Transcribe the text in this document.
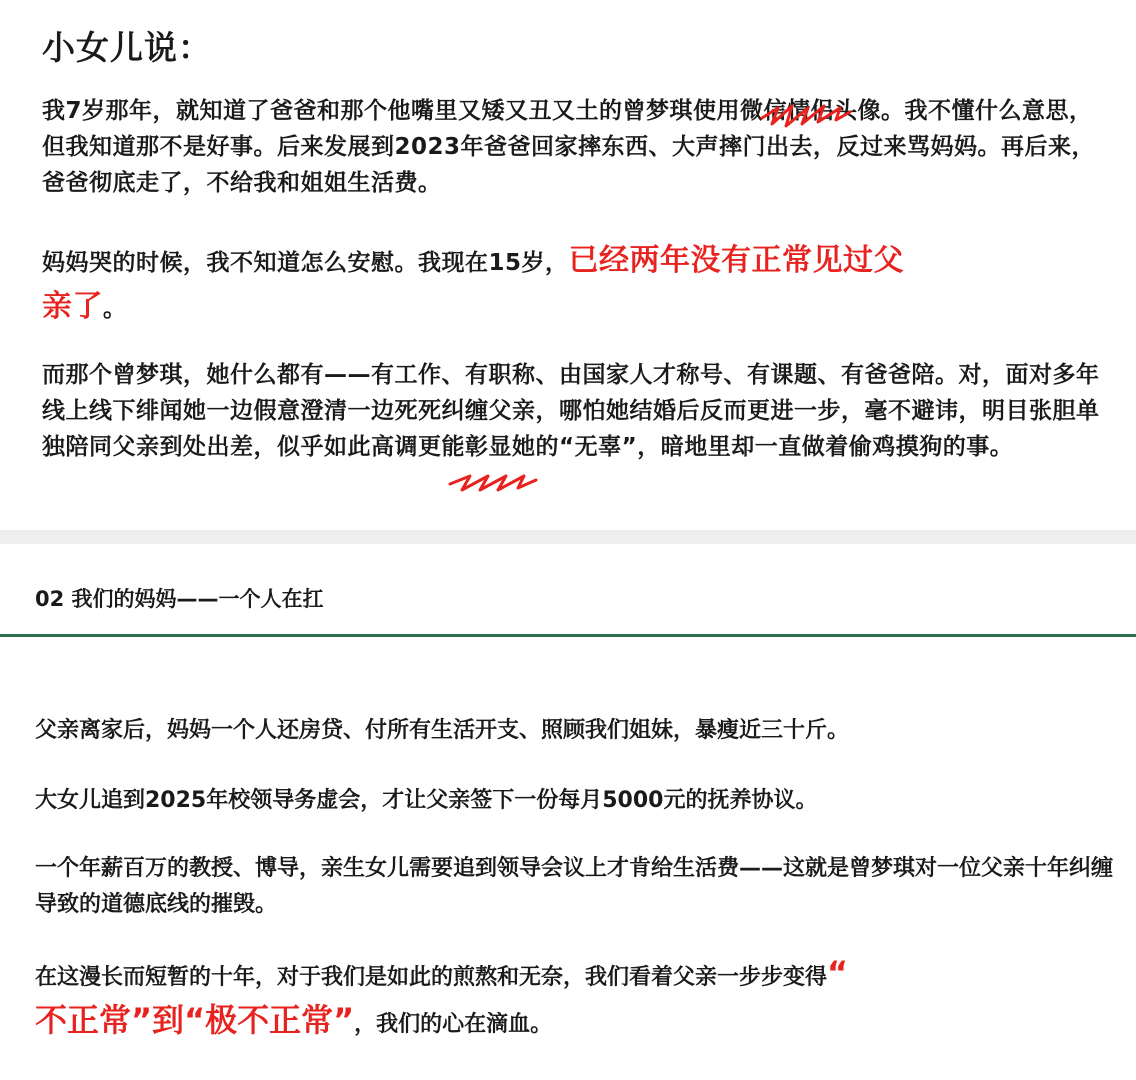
小女儿说：

我7岁那年，就知道了爸爸和那个他嘴里又矮又丑又土的曾梦琪使用微信情侣头像。我不懂什么意思，但我知道那不是好事。后来发展到2023年爸爸回家摔东西、大声摔门出去，反过来骂妈妈。再后来，爸爸彻底走了，不给我和姐姐生活费。

妈妈哭的时候，我不知道怎么安慰。我现在15岁，已经两年没有正常见过父
亲了。

而那个曾梦琪，她什么都有——有工作、有职称、由国家人才称号、有课题、有爸爸陪。对，面对多年线上线下绯闻她一边假意澄清一边死死纠缠父亲，哪怕她结婚后反而更进一步，毫不避讳，明目张胆单独陪同父亲到处出差，似乎如此高调更能彰显她的“无辜”，暗地里却一直做着偷鸡摸狗的事。

02 我们的妈妈——一个人在扛

父亲离家后，妈妈一个人还房贷、付所有生活开支、照顾我们姐妹，暴瘦近三十斤。

大女儿追到2025年校领导务虚会，才让父亲签下一份每月5000元的抚养协议。

一个年薪百万的教授、博导，亲生女儿需要追到领导会议上才肯给生活费——这就是曾梦琪对一位父亲十年纠缠导致的道德底线的摧毁。

在这漫长而短暂的十年，对于我们是如此的煎熬和无奈，我们看着父亲一步步变得“
不正常”到“极不正常”，我们的心在滴血。
